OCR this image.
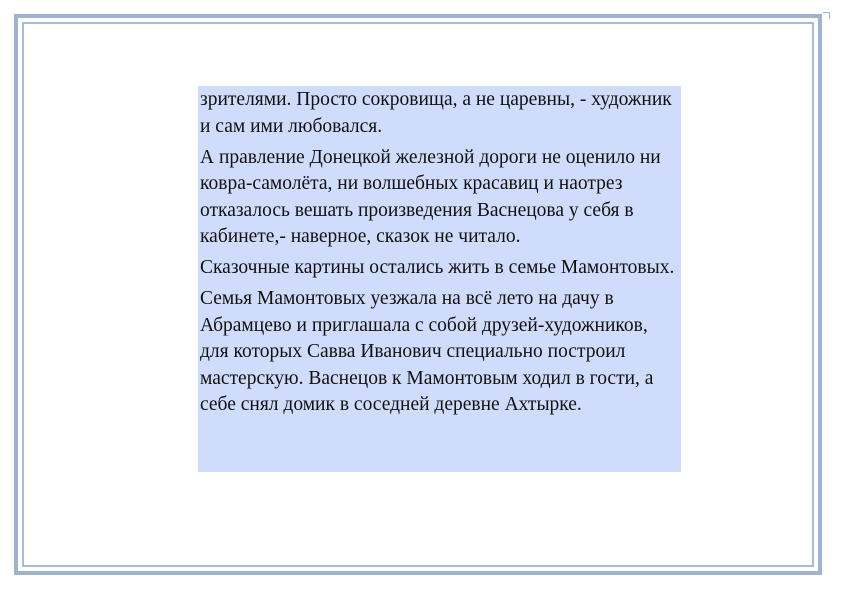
зрителями. Просто сокровища, а не царевны, - художник и сам ими любовался.

А правление Донецкой железной дороги не оценило ни ковра-самолёта, ни волшебных красавиц и наотрез отказалось вешать произведения Васнецова у себя в кабинете,- наверное, сказок не читало.

Сказочные картины остались жить в семье Мамонтовых.

Семья Мамонтовых уезжала на всё лето на дачу в Абрамцево и приглашала с собой друзей-художников, для которых Савва Иванович специально построил мастерскую. Васнецов к Мамонтовым ходил в гости, а себе снял домик в соседней деревне Ахтырке.
